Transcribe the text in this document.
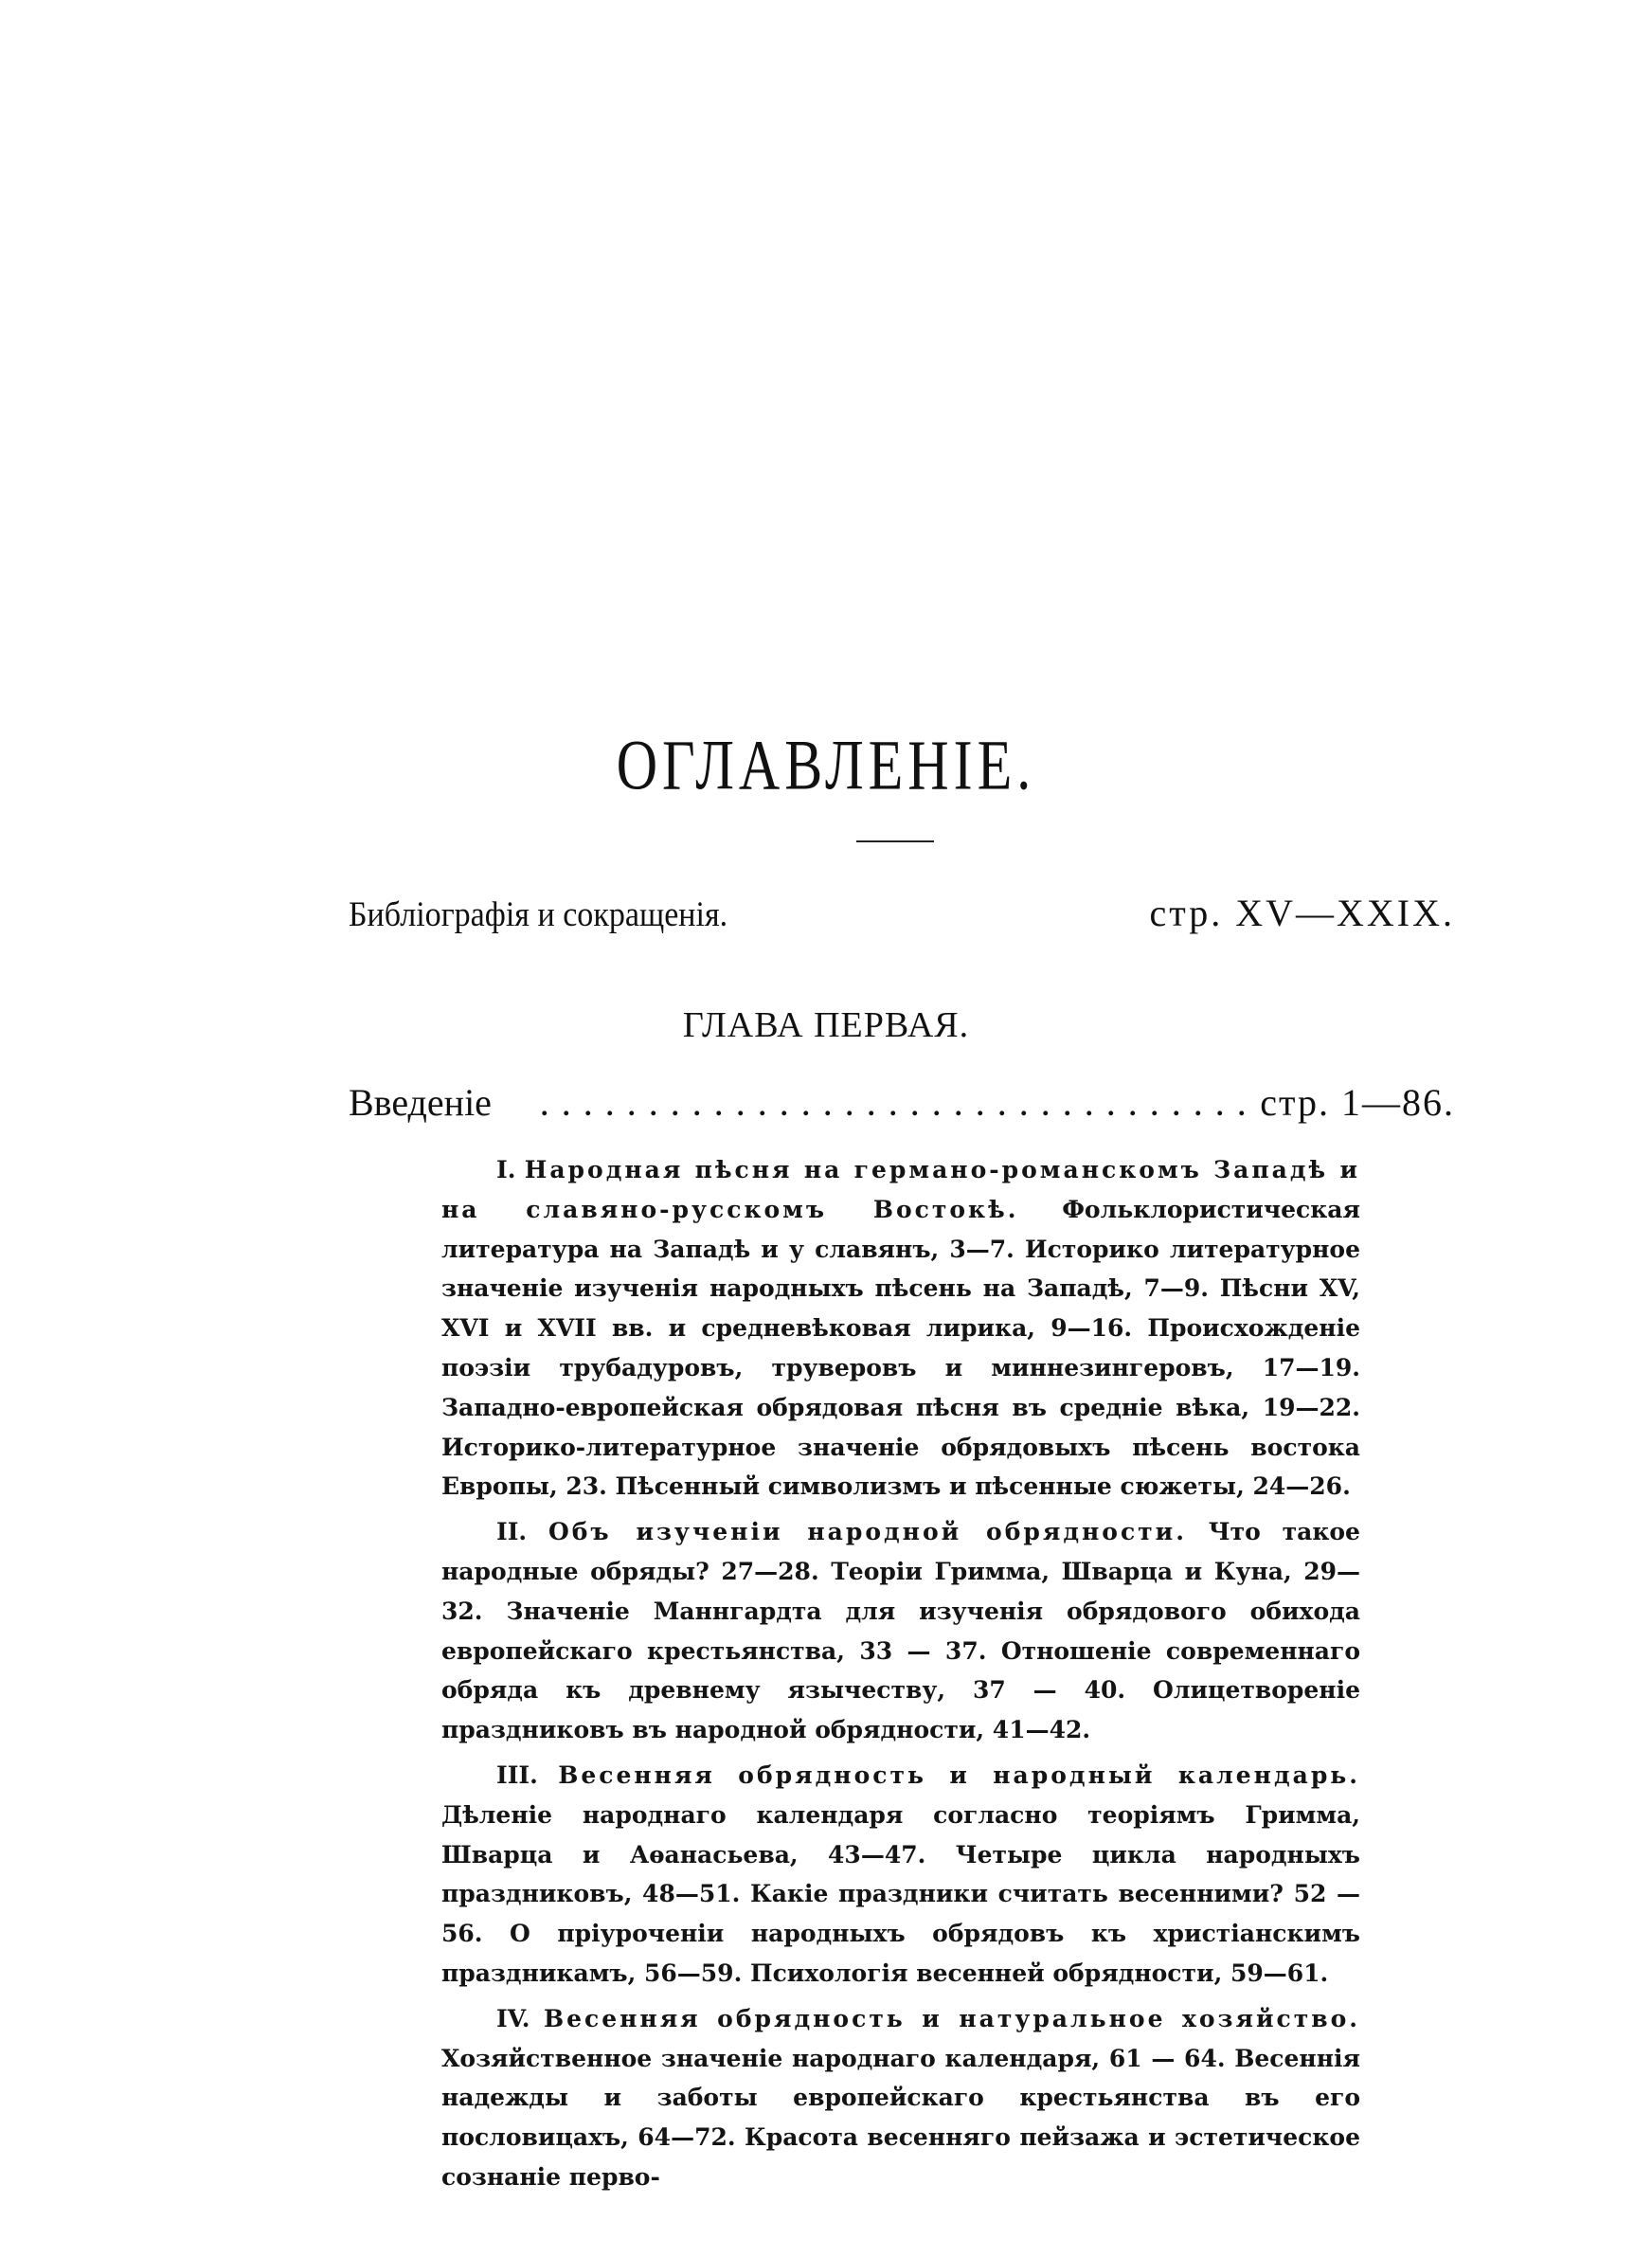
ОГЛАВЛЕНІЕ.
Библіографія и сокращенія.	стр. XV—XXIX.
ГЛАВА ПЕРВАЯ.
Введеніе
. . .	стр. 1—86.

I. Народная пѣсня на германо-романскомъ Западѣ и на славяно-русскомъ Востокѣ. Фольклористическая литература на Западѣ и у славянъ, 3—7. Историко литературное значеніе изученія народныхъ пѣсень на Западѣ, 7—9. Пѣсни XV, XVI и XVII вв. и средневѣковая лирика, 9—16. Происхожденіе поэзіи трубадуровъ, труверовъ и миннезингеровъ, 17—19. Западно-европейская обрядовая пѣсня въ средніе вѣка, 19—22. Историко-литературное значеніе обрядовыхъ пѣсень востока Европы, 23. Пѣсенный символизмъ и пѣсенные сюжеты, 24—26.

II. Объ изученіи народной обрядности. Что такое народные обряды? 27—28. Теоріи Гримма, Шварца и Куна, 29—32. Значеніе Маннгардта для изученія обрядового обихода европейскаго крестьянства, 33 — 37. Отношеніе современнаго обряда къ древнему язычеству, 37 — 40. Олицетвореніе праздниковъ въ народной обрядности, 41—42.

III. Весенняя обрядность и народный календарь. Дѣленіе народнаго календаря согласно теоріямъ Гримма, Шварца и Аѳанасьева, 43—47. Четыре цикла народныхъ праздниковъ, 48—51. Какіе праздники считать весенними? 52 — 56. О пріуроченіи народныхъ обрядовъ къ христіанскимъ праздникамъ, 56—59. Психологія весенней обрядности, 59—61.

IV. Весенняя обрядность и натуральное хозяйство. Хозяйственное значеніе народнаго календаря, 61 — 64. Весеннія надежды и заботы европейскаго крестьянства въ его пословицахъ, 64—72. Красота весенняго пейзажа и эстетическое сознаніе перво-
